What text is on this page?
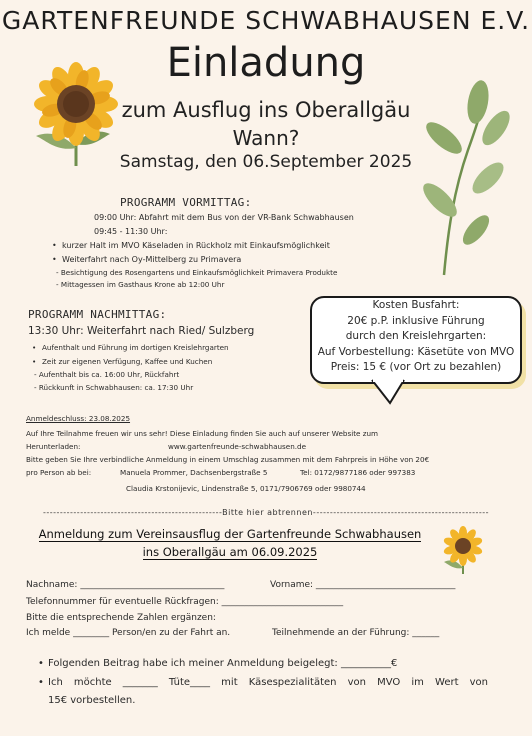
GARTENFREUNDE SCHWABHAUSEN E.V.
Einladung
zum Ausflug ins Oberallgäu
Wann?
Samstag, den 06.September 2025
PROGRAMM VORMITTAG:
09:00 Uhr: Abfahrt mit dem Bus von der VR-Bank Schwabhausen
09:45 - 11:30 Uhr:
• kurzer Halt im MVO Käseladen in Rückholz mit Einkaufsmöglichkeit
• Weiterfahrt nach Oy-Mittelberg zu Primavera
- Besichtigung des Rosengartens und Einkaufsmöglichkeit Primavera Produkte
- Mittagessen im Gasthaus Krone ab 12:00 Uhr
PROGRAMM NACHMITTAG:
13:30 Uhr: Weiterfahrt nach Ried/ Sulzberg
• Aufenthalt und Führung im dortigen Kreislehrgarten
• Zeit zur eigenen Verfügung, Kaffee und Kuchen
- Aufenthalt bis ca. 16:00 Uhr, Rückfahrt
- Rückkunft in Schwabhausen: ca. 17:30 Uhr
Kosten Busfahrt:
20€ p.P. inklusive Führung
durch den Kreislehrgarten:
Auf Vorbestellung: Käsetüte von MVO
Preis: 15 € (vor Ort zu bezahlen)
Anmeldeschluss: 23.08.2025
Auf Ihre Teilnahme freuen wir uns sehr! Diese Einladung finden Sie auch auf unserer Website zum
Herunterladen:	www.gartenfreunde-schwabhausen.de
Bitte geben Sie Ihre verbindliche Anmeldung in einem Umschlag zusammen mit dem Fahrpreis in Höhe von 20€
pro Person ab bei:	Manuela Prommer, Dachsenbergstraße 5	Tel: 0172/9877186 oder 997383
Claudia Krstonijevic, Lindenstraße 5, 0171/7906769 oder 9980744
-----------------------------------------------------Bitte hier abtrennen----------------------------------------------------
Anmeldung zum Vereinsausflug der Gartenfreunde Schwabhausen
ins Oberallgäu am 06.09.2025
Nachname: ________________________________	Vorname: _______________________________
Telefonnummer für eventuelle Rückfragen: ___________________________
Bitte die entsprechende Zahlen ergänzen:
Ich melde ________ Person/en zu der Fahrt an.	Teilnehmende an der Führung: ______
• Folgenden Beitrag habe ich meiner Anmeldung beigelegt: __________€
• Ich möchte _______ Tüte____ mit Käsespezialitäten von MVO im Wert von
15€ vorbestellen.
